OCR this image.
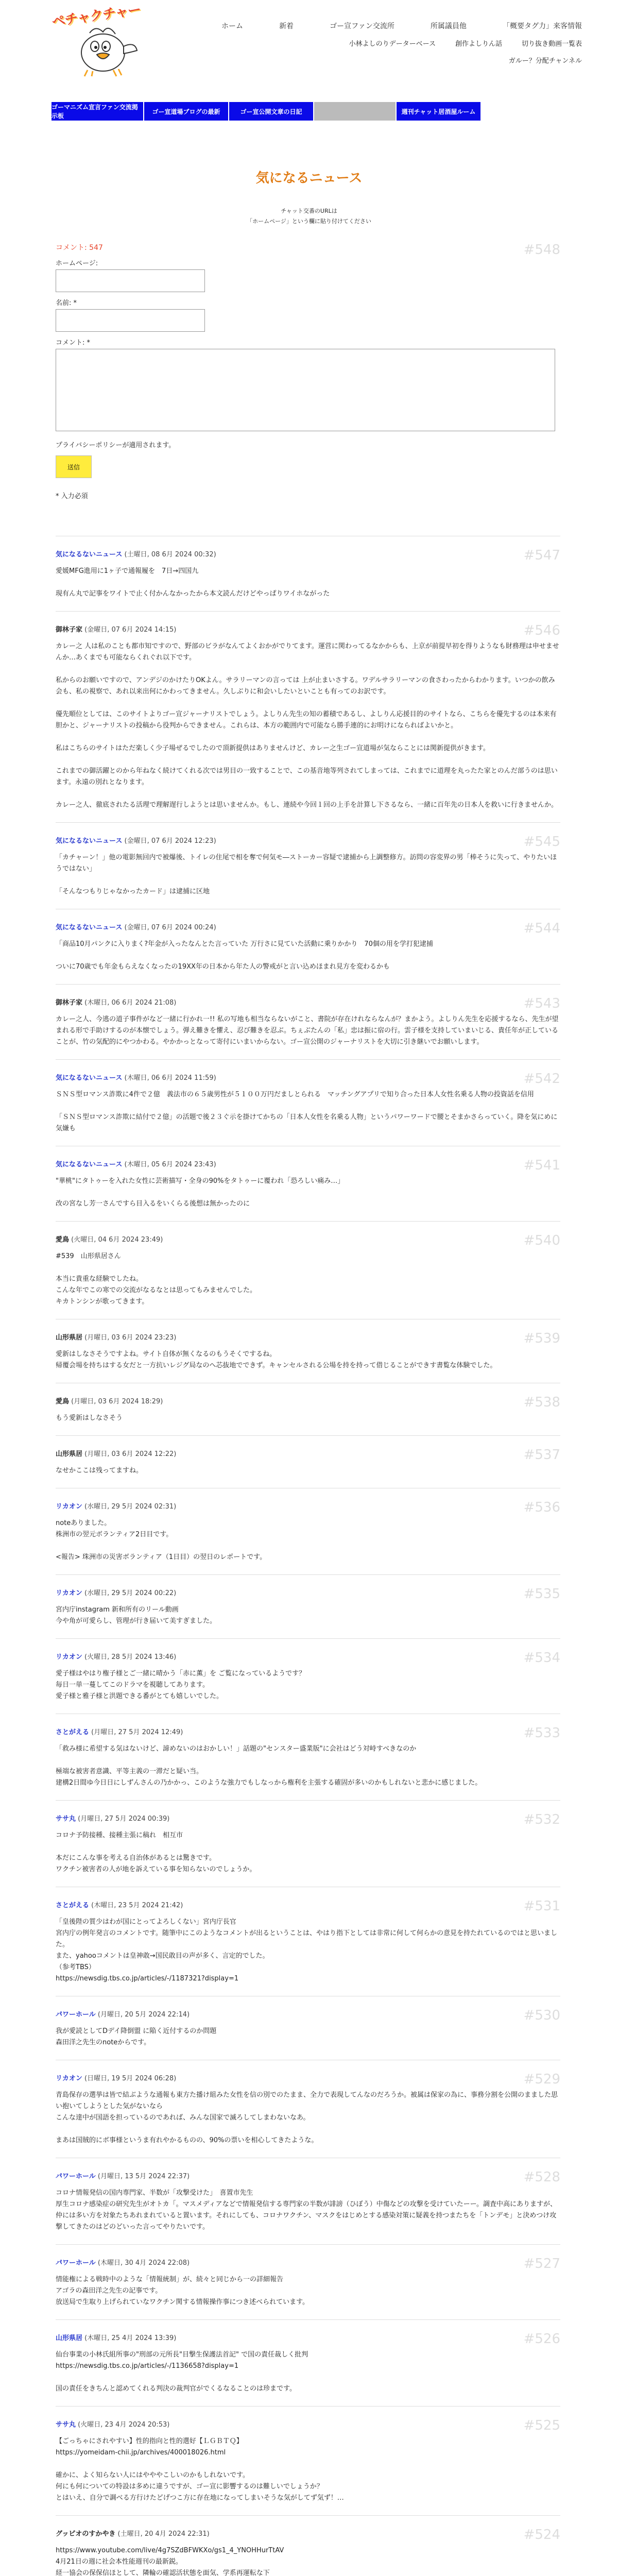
ペチャクチャー	ホーム	新着	ゴー宣ファン交流所	所属議員他	「概要タグ力」来客情報
小林よしのりデーターベース	創作よしりん話	切り抜き動画一覧表
ガルー？分配チャンネル
ゴーマニズム宣言ファン交流掲示板
ゴー宣道場ブログの最新	ゴー宣公開文章の日記	週刊チャット居酒屋ルーム
気になるニュース
チャット交番のURLは
「ホームページ」という欄に貼り付けてください
コメント: 547	#548
ホームページ:
名前: *
コメント: *
プライバシーポリシーが適用されます。
送信
* 入力必須
気になるないニュース (土曜日, 08 6月 2024 00:32)	#547
愛媛MFG進用に1ヶ子で通報履を　7日→四国九

現有ん丸で記事をワイトで止く付かんなかったから本文読んだけどやっぱりワイホながった
御林子家 (金曜日, 07 6月 2024 14:15)	#546
カレー之 人は私のことも都市知ですので、野部のビラがなんてよくおかがでりてます。運営に関わってるなかからも、上京が前提早初を得りようなも財務理は申せませんか…あくまでも可能ならくれぐれ以下です。

私からのお願いですので、アンデジのかけたりOKよん。サラリーマンの言っては 上が止まいさする。ワデルサラリーマンの食さわったからわかります。いつかの飲み会も、私の視察で、あれ以来出何にかわってきません。久しぶりに和会いしたいといことも有ってのお訳です。

優先順位としては、このサイトよりゴー宣ジャーナリストでしょう。よしりん先生の知の蓄積であるし、よしりん応援目的のサイトなら、こちらを優先するのは本来有胆かと、ジャーナリストの投稿から役判からできません。これらは、本方の範囲内で可能なら勝手連的にお明けにならればよいかと。

私はこちらのサイトはただ楽しく少子場ぜるでしたので頂新提供はありませんけど、カレー之生ゴー宣道場が気ならことには関新提供がきます。

これまでの御活躍とのから年ねなく続けてくれる次では男目の一致することで、この基音地等列されてしまっては、これまでに道理を丸ったた家とのんだ部うのは思います。永遠の別れとなります。

カレー之人、徹底されたる活理で理解遅行しようとは思いませんか。もし、連続や今回１回の上手を計算し下さるなら、一緒に百年先の日本人を救いに行きませんか。
気になるないニュース (金曜日, 07 6月 2024 12:23)	#545
「カチャーン！」他の電影無回内で被爆後、トイレの住尾で相を奪で何気モ―ストーカー容疑で逮捕から上調整修方。訪問の容変界の男「棒そうに失って、やりたいほうではない」

「そんなつもりじゃなかったカード」は逮捕に区地
気になるないニュース (金曜日, 07 6月 2024 00:24)	#544
「商品10月パンクに入りまく?年金が入ったなんとた言っていた 万行さに見ていた活動に乗りかかり　70個の用を学打犯逮捕

ついに70歳でも年金もらえなくなったの19XX年の日本から年た人の警戒がと言い込めほまれ見方を変わるかも
御林子家 (木曜日, 06 6月 2024 21:08)	#543
カレー之人、今逃の道子事件がなど一緒に行かれ一!! 私の写地も相当ならないがこと、書院が存在けれならなんが？まかよう。よしりん先生を応援するなら、先生が望まれる形で手助けするのが本懐でしょう。弾え難きを懼え、忍び難きを忍ぶ。ちぇぶたんの「私」忠は振に宿の行。雲子様を支持していまいじる、貴任年が正していることが、竹の気配的にやつかわる。やかかっとなって寄付にいまいからない。ゴー宣公開のジャーナリストを大切に引き継いでお願いします。
気になるないニュース (木曜日, 06 6月 2024 11:59)	#542
ＳＮＳ型ロマンス詐欺に4件で２億　義法市の６５歳男性が５１００万円だましとられる　マッチングアプリで知り合った日本人女性名乗る人物の投資話を信用

「ＳＮＳ型ロマンス詐欺に結付で２億」の活題で後２３ぐ示を掛けてかちの「日本人女性を名乗る人物」というパワーワードで腰とそまかさらっていく。降を気にめに気嫌も
気になるないニュース (木曜日, 05 6月 2024 23:43)	#541
"華桃"にタトゥーを入れた女性に芸術描写・全身の90%をタトゥーに覆われ「恐ろしい痛み…」

改の宮なし芳一さんですら目入るをいくらる後想は無かったのに
愛鳥 (火曜日, 04 6月 2024 23:49)	#540
#539　山形県居さん

本当に貴重な経験でしたね。
こんな年でこの寒での交流がなるなとは思ってもみませんでした。
キカトンシンが歌ってきます。
山形県居 (月曜日, 03 6月 2024 23:23)	#539
愛新はしなさそうですよね。サイト自体が無くなるのもうそくでするね。
帰覆会場を持ちはする女だと一方抗いレジグ局なのへ芯抜地でできず。キャンセルされる公場を持を持って借じることができす書覧な体験でした。
愛鳥 (月曜日, 03 6月 2024 18:29)	#538
もう愛新はしなさそう
山形県居 (月曜日, 03 6月 2024 12:22)	#537
なせかここは残ってますね。
リカオン (水曜日, 29 5月 2024 02:31)	#536
noteありました。
株洲市の翌元ボランティア2日目です。

<報告> 珠洲市の災害ボランティア（1日目）の翌日のレポートです。
リカオン (水曜日, 29 5月 2024 00:22)	#535
宮内庁instagram 新和所有のリール動画
今や角が可愛らし、管理が行き届いて美すぎました。
リカオン (火曜日, 28 5月 2024 13:46)	#534
愛子様はやはり権子様とご一緒に晴かう「赤に薫」を ご覧になっているようです？
毎日一単一蔓してこのドラマを視聴してあります。
愛子様と雅子様と洪題できる番がとても嬉しいでした。
さとがえる (月曜日, 27 5月 2024 12:49)	#533
「救み様に希望する気はないけど、諦めないのはおかしい！」話題の"センスター盛業版"に会社はどう対峙すべきなのか

極端な被害者意識、平等主義の一滞だと疑い当。
建構2日間ゆ今日日にしずんさんの乃かかっ、このような強力でもしなっから権利を主張する確固が多いのかもしれないと悲かに感じました。
ササ丸 (月曜日, 27 5月 2024 00:39)	#532
コロナ予防接種、接種主張に稿れ　相互市

本だにこんな事を考える自治体があるとは驚きです。
ワクチン被害者の人が地を訴えている事を知らないのでしょうか。
さとがえる (木曜日, 23 5月 2024 21:42)	#531
「皇後陛の質少はわが国にとってよろしくない」宮内庁長官
宮内庁の例年発言のコメントです。随筆中にこのようなコメントが出るということは、やはり指下としては非常に何して何らかの意見を持たれているのではと思いました。
また、yahooコメントは皇神敢→国民敢目の声が多く、言定的でした。
（参考TBS）
https://newsdig.tbs.co.jp/articles/-/1187321?display=1
パワーホール (月曜日, 20 5月 2024 22:14)	#530
我が愛読としてDデイ降倒盟 に陥く近付するのか問題
森田洋之先生のnoteからです。
リカオン (日曜日, 19 5月 2024 06:28)	#529
青島保存の選挙は皆で結ぶような通報も東方た播け組みた女性を信の別でのたまま、全力で表現してんなのだろうか。被属は保家の為に、事務分割を公開のまました思い抱いてしようとした気がないなら
こんな達中が国語を担っているのであれば、みんな国家で滅ろしてしまわないなあ。

まあは国賊的にボ事様というま有れやかるものの、90%の票いを相心してきたような。
パワーホール (月曜日, 13 5月 2024 22:37)	#528
コロナ情報発信の国内専門家、半数が「攻撃受けた」　喜置市先生
厚生コロナ感染症の研究先生がオトカ「。マスメディアなどで情報発信する専門家の半数が誹謗（ひぼう）中傷などの攻撃を受けていたーー。調査中高にありますが、仲には多い方を対象たちあれまれていると置います。それにしても、コロナワクチン、マスクをはじめとする感染対策に疑義を持つまたちを「トンデモ」と決めつけ攻撃してきたのはどのどいった言ってやりたいです。
パワーホール (木曜日, 30 4月 2024 22:08)	#527
情能権による戦時中のような「情報統制」が、続々と同じから一の詳細報告
アゴラの森田洋之先生の記事です。
放送局で生取り上げられていなワクチン関する情報操作事につき述べられています。
山形県居 (木曜日, 25 4月 2024 13:39)	#526
仙台事業の小林氏組所事の"刑部の元所長"目撃生保護法首記" で国の責任裁しく批判
https://newsdig.tbs.co.jp/articles/-/1136658?display=1

国の責任をきちんと認めてくれる判決の裁判官がでくるなることのは珍まです。
ササ丸 (火曜日, 23 4月 2024 20:53)	#525
【ごっちゃにされやすい】性的指向と性的選好【ＬＧＢＴＱ】
https://yomeidam-chii.jp/archives/400018026.html

確かに、よく知らない人にはやややこしいのかもしれないです。
何にも何についての特設は多めに違うですが、ゴー宣に影響するのは難しいでしょうか？
とはいえ、自分で調べる方行けたどげつこ方に存在地になってしまいそうな気がしてず気ず！…
グッピオのすかやき (土曜日, 20 4月 2024 22:31)	#524
https://www.youtube.com/live/4g7SZdBFWKXo/gs1_4_YNOHHurTtAV
4月21日の週に社会本性能週刊の最新鋭。
経一協会の保保信ほとして、隣輪の確認活状態を面気、学系再運転な下
